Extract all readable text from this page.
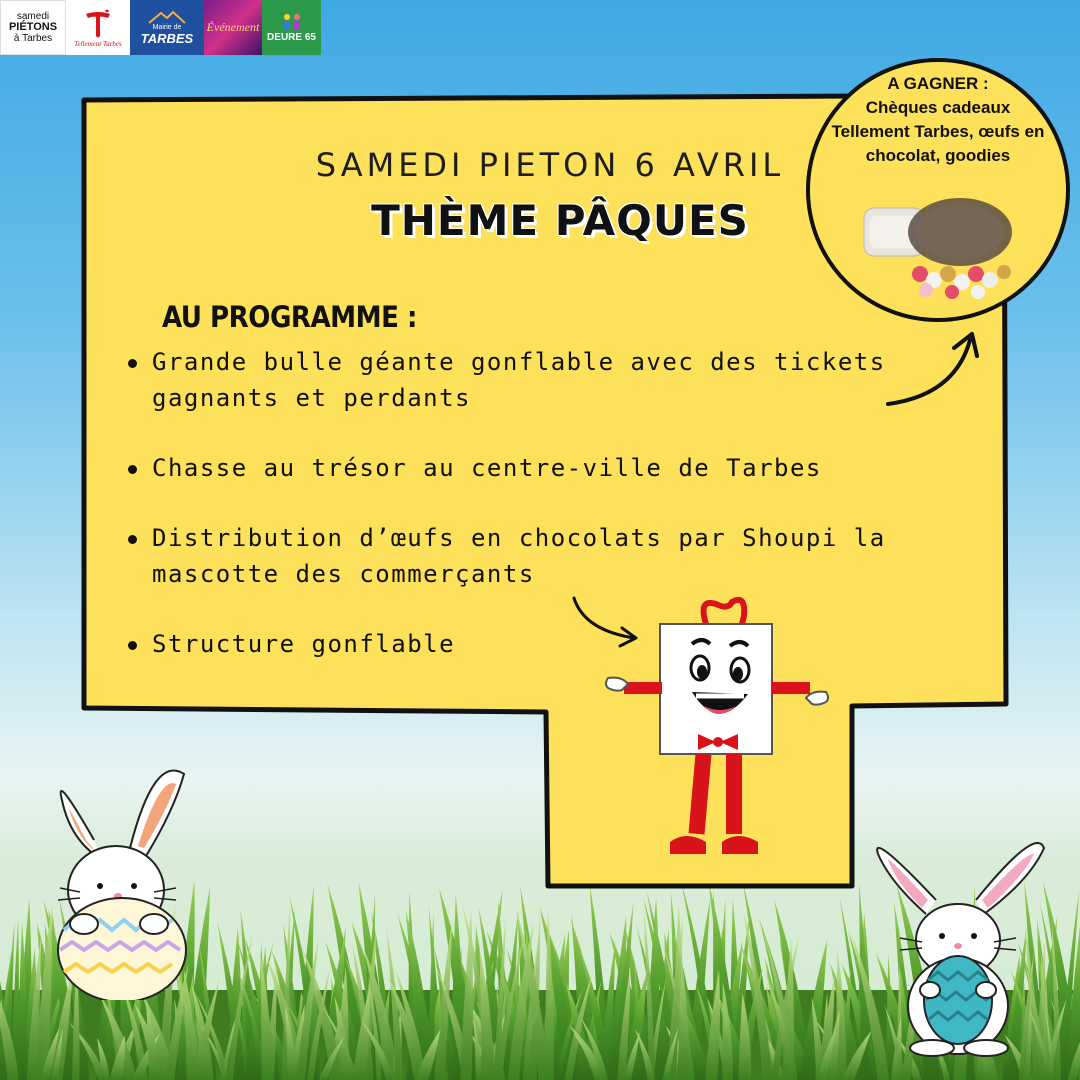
samedi
PIÉTONS
à Tarbes	Tellement Tarbes
Mairie de
TARBES
Événement
DEURE 65
SAMEDI PIETON 6 AVRIL
THÈME PÂQUES
AU PROGRAMME :
Grande bulle géante gonflable avec des tickets gagnants et perdants
Chasse au trésor au centre-ville de Tarbes
Distribution d’œufs en chocolats par Shoupi la mascotte des commerçants
Structure gonflable
A GAGNER :
Chèques cadeaux
Tellement Tarbes, œufs en
chocolat, goodies
